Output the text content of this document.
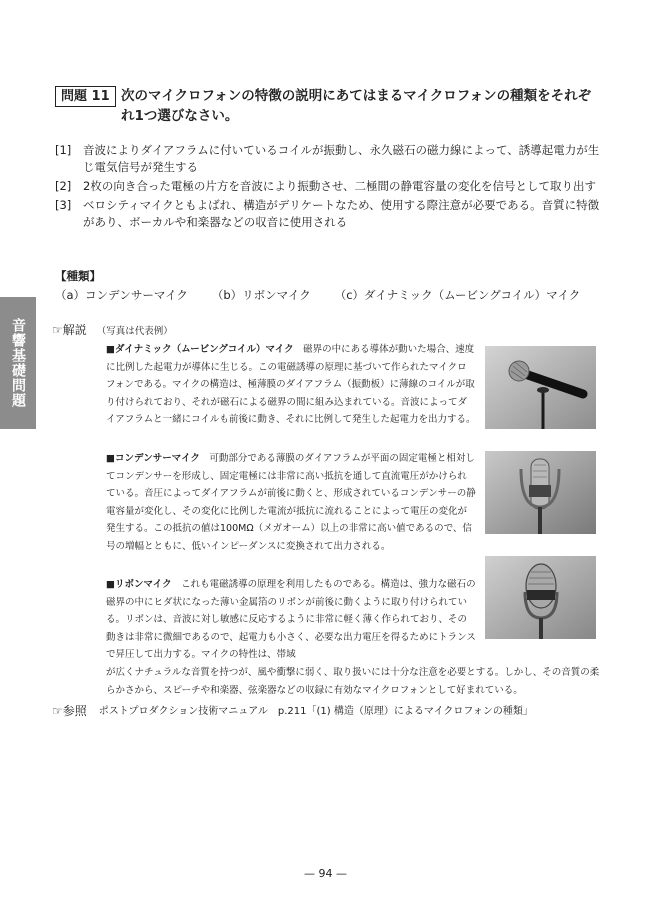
音響基礎問題
問題 11 次のマイクロフォンの特徴の説明にあてはまるマイクロフォンの種類をそれぞれ1つ選びなさい。
[1]	音波によりダイアフラムに付いているコイルが振動し、永久磁石の磁力線によって、誘導起電力が生じ電気信号が発生する
[2]	2枚の向き合った電極の片方を音波により振動させ、二極間の静電容量の変化を信号として取り出す
[3]	ベロシティマイクともよばれ、構造がデリケートなため、使用する際注意が必要である。音質に特徴があり、ボーカルや和楽器などの収音に使用される
【種類】
（a）コンデンサーマイク （b）リボンマイク （c）ダイナミック（ムービングコイル）マイク
☞解説 （写真は代表例）
■ダイナミック（ムービングコイル）マイク　磁界の中にある導体が動いた場合、速度に比例した起電力が導体に生じる。この電磁誘導の原理に基づいて作られたマイクロフォンである。マイクの構造は、極薄膜のダイアフラム（振動板）に薄線のコイルが取り付けられており、それが磁石による磁界の間に組み込まれている。音波によってダイアフラムと一緒にコイルも前後に動き、それに比例して発生した起電力を出力する。
■コンデンサーマイク　可動部分である薄膜のダイアフラムが平面の固定電極と相対してコンデンサーを形成し、固定電極には非常に高い抵抗を通して直流電圧がかけられている。音圧によってダイアフラムが前後に動くと、形成されているコンデンサーの静電容量が変化し、その変化に比例した電流が抵抗に流れることによって電圧の変化が発生する。この抵抗の値は100MΩ（メガオーム）以上の非常に高い値であるので、信号の増幅とともに、低いインピーダンスに変換されて出力される。
■リボンマイク　これも電磁誘導の原理を利用したものである。構造は、強力な磁石の磁界の中にヒダ状になった薄い金属箔のリボンが前後に動くように取り付けられている。リボンは、音波に対し敏感に反応するように非常に軽く薄く作られており、その動きは非常に微細であるので、起電力も小さく、必要な出力電圧を得るためにトランスで昇圧して出力する。マイクの特性は、帯域
が広くナチュラルな音質を持つが、風や衝撃に弱く、取り扱いには十分な注意を必要とする。しかし、その音質の柔らかさから、スピーチや和楽器、弦楽器などの収録に有効なマイクロフォンとして好まれている。
☞参照 ポストプロダクション技術マニュアル　p.211「(1) 構造（原理）によるマイクロフォンの種類」
— 94 —
